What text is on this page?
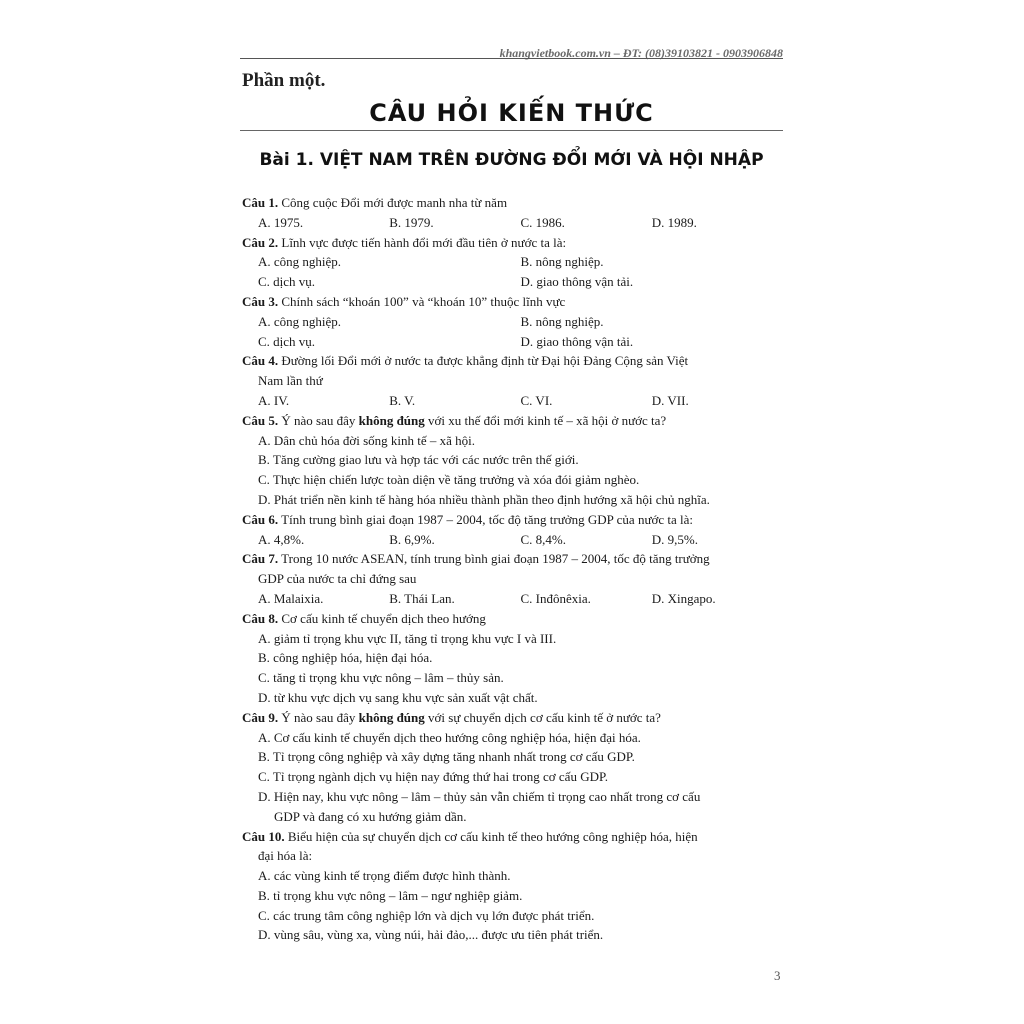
khangvietbook.com.vn – ĐT: (08)39103821 - 0903906848
Phần một.
CÂU HỎI KIẾN THỨC
Bài 1. VIỆT NAM TRÊN ĐƯỜNG ĐỔI MỚI VÀ HỘI NHẬP
Câu 1. Công cuộc Đổi mới được manh nha từ năm
A. 1975.	B. 1979.	C. 1986.	D. 1989.
Câu 2. Lĩnh vực được tiến hành đổi mới đầu tiên ở nước ta là:
A. công nghiệp.	B. nông nghiệp.
C. dịch vụ.	D. giao thông vận tải.
Câu 3. Chính sách “khoán 100” và “khoán 10” thuộc lĩnh vực
A. công nghiệp.	B. nông nghiệp.
C. dịch vụ.	D. giao thông vận tải.
Câu 4. Đường lối Đổi mới ở nước ta được khẳng định từ Đại hội Đảng Cộng sản Việt
Nam lần thứ
A. IV.	B. V.	C. VI.	D. VII.
Câu 5. Ý nào sau đây không đúng với xu thế đổi mới kinh tế – xã hội ở nước ta?
A. Dân chủ hóa đời sống kinh tế – xã hội.
B. Tăng cường giao lưu và hợp tác với các nước trên thế giới.
C. Thực hiện chiến lược toàn diện về tăng trưởng và xóa đói giảm nghèo.
D. Phát triển nền kinh tế hàng hóa nhiều thành phần theo định hướng xã hội chủ nghĩa.
Câu 6. Tính trung bình giai đoạn 1987 – 2004, tốc độ tăng trưởng GDP của nước ta là:
A. 4,8%.	B. 6,9%.	C. 8,4%.	D. 9,5%.
Câu 7. Trong 10 nước ASEAN, tính trung bình giai đoạn 1987 – 2004, tốc độ tăng trưởng
GDP của nước ta chỉ đứng sau
A. Malaixia.	B. Thái Lan.	C. Inđônêxia.	D. Xingapo.
Câu 8. Cơ cấu kinh tế chuyển dịch theo hướng
A. giảm tỉ trọng khu vực II, tăng tỉ trọng khu vực I và III.
B. công nghiệp hóa, hiện đại hóa.
C. tăng tỉ trọng khu vực nông – lâm – thủy sản.
D. từ khu vực dịch vụ sang khu vực sản xuất vật chất.
Câu 9. Ý nào sau đây không đúng với sự chuyển dịch cơ cấu kinh tế ở nước ta?
A. Cơ cấu kinh tế chuyển dịch theo hướng công nghiệp hóa, hiện đại hóa.
B. Tỉ trọng công nghiệp và xây dựng tăng nhanh nhất trong cơ cấu GDP.
C. Tỉ trọng ngành dịch vụ hiện nay đứng thứ hai trong cơ cấu GDP.
D. Hiện nay, khu vực nông – lâm – thủy sản vẫn chiếm tỉ trọng cao nhất trong cơ cấu
GDP và đang có xu hướng giảm dần.
Câu 10. Biểu hiện của sự chuyển dịch cơ cấu kinh tế theo hướng công nghiệp hóa, hiện
đại hóa là:
A. các vùng kinh tế trọng điểm được hình thành.
B. tỉ trọng khu vực nông – lâm – ngư nghiệp giảm.
C. các trung tâm công nghiệp lớn và dịch vụ lớn được phát triển.
D. vùng sâu, vùng xa, vùng núi, hải đảo,... được ưu tiên phát triển.
3
